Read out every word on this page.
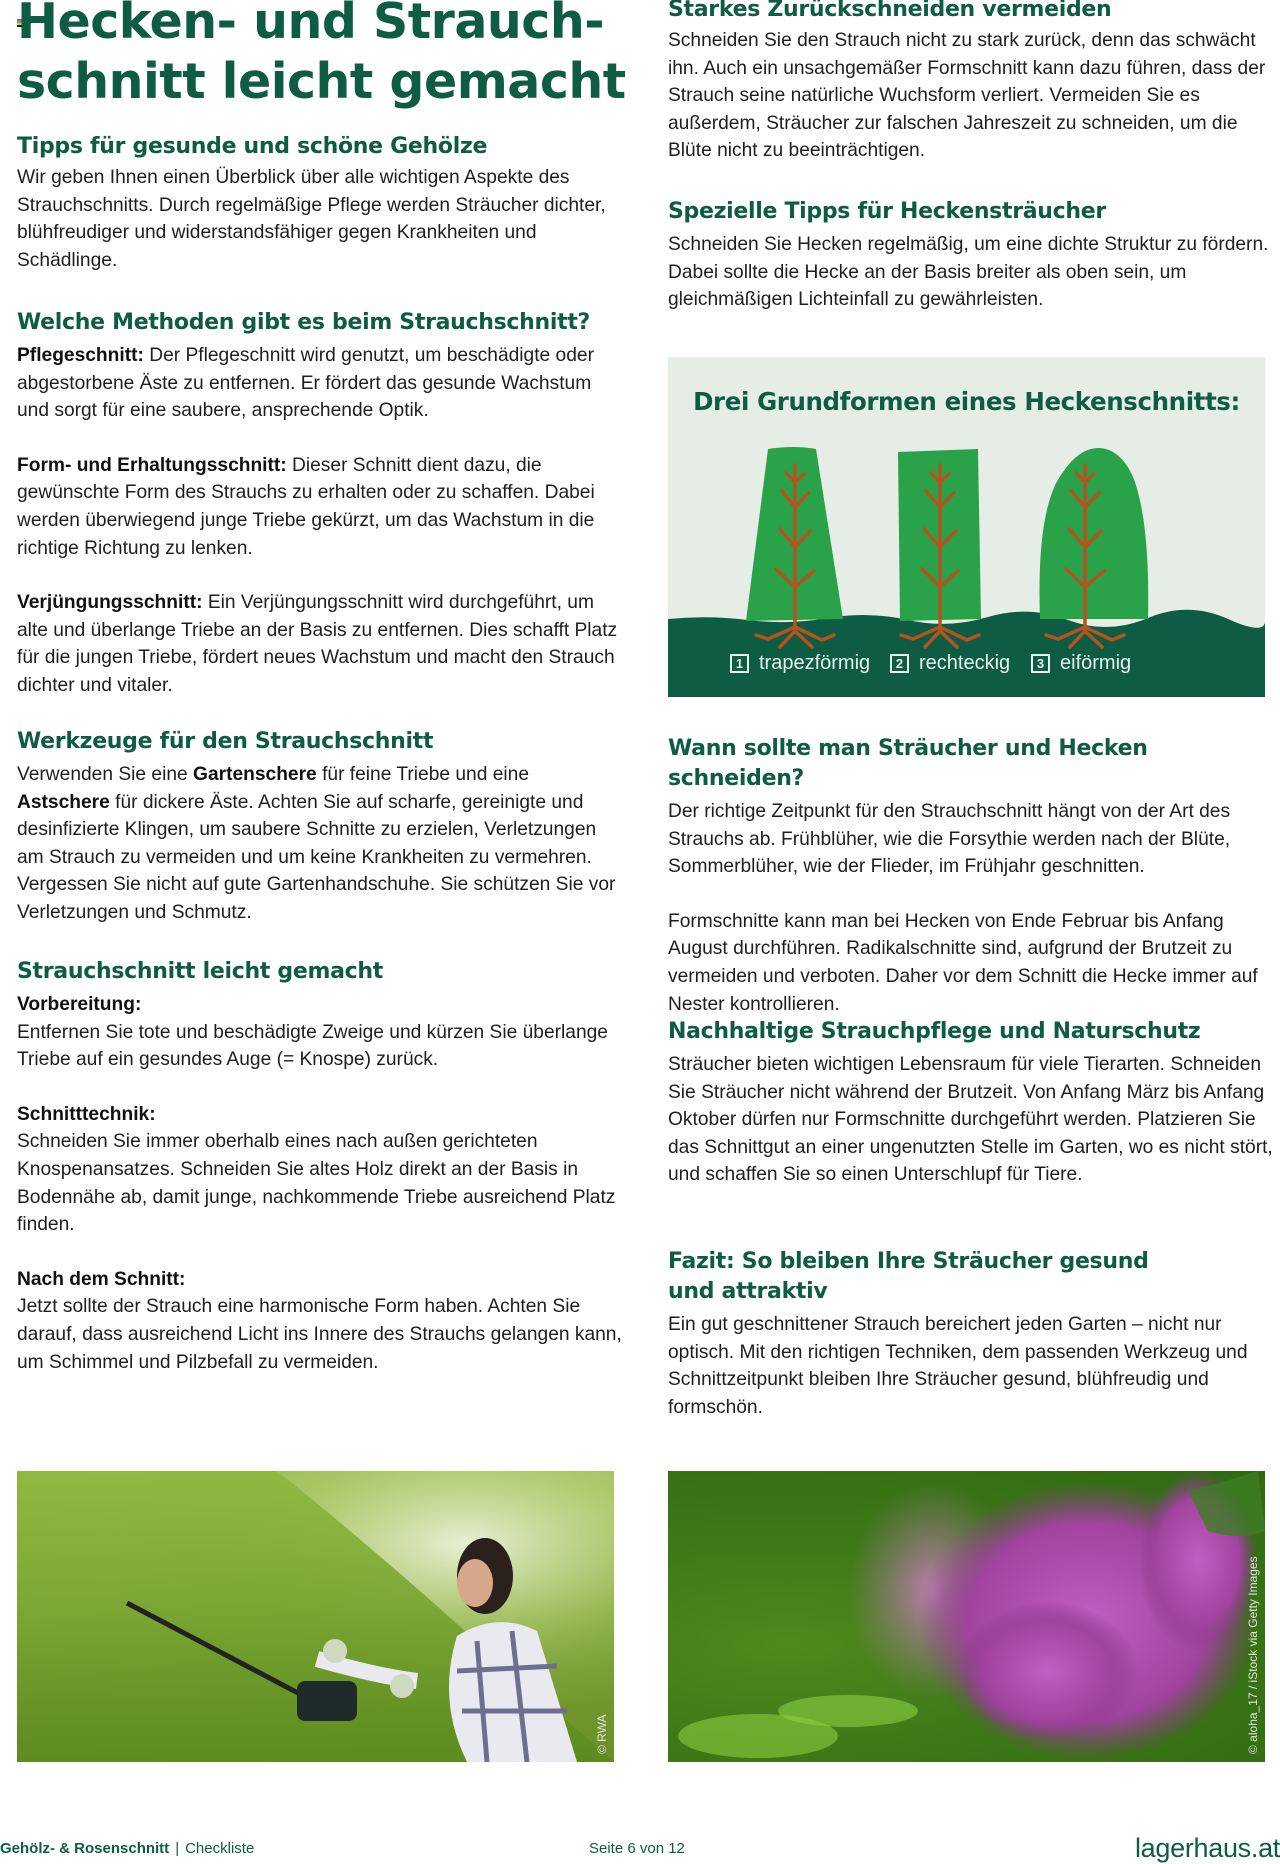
Hecken- und Strauch-
schnitt leicht gemacht
Tipps für gesunde und schöne Gehölze

Wir geben Ihnen einen Überblick über alle wichtigen Aspekte des Strauchschnitts. Durch regelmäßige Pflege werden Sträucher dichter, blühfreudiger und widerstandsfähiger gegen Krankheiten und Schädlinge.

Welche Methoden gibt es beim Strauchschnitt?

Pflegeschnitt: Der Pflegeschnitt wird genutzt, um beschädigte oder abgestorbene Äste zu entfernen. Er fördert das gesunde Wachstum und sorgt für eine saubere, ansprechende Optik.

Form- und Erhaltungsschnitt: Dieser Schnitt dient dazu, die gewünschte Form des Strauchs zu erhalten oder zu schaffen. Dabei werden überwiegend junge Triebe gekürzt, um das Wachstum in die richtige Richtung zu lenken.

Verjüngungsschnitt: Ein Verjüngungsschnitt wird durchgeführt, um alte und überlange Triebe an der Basis zu entfernen. Dies schafft Platz für die jungen Triebe, fördert neues Wachstum und macht den Strauch dichter und vitaler.

Werkzeuge für den Strauchschnitt

Verwenden Sie eine Gartenschere für feine Triebe und eine Astschere für dickere Äste. Achten Sie auf scharfe, gereinigte und desinfizierte Klingen, um saubere Schnitte zu erzielen, Verletzungen am Strauch zu vermeiden und um keine Krankheiten zu vermehren. Vergessen Sie nicht auf gute Gartenhandschuhe. Sie schützen Sie vor Verletzungen und Schmutz.

Strauchschnitt leicht gemacht

Vorbereitung:

Entfernen Sie tote und beschädigte Zweige und kürzen Sie überlange Triebe auf ein gesundes Auge (= Knospe) zurück.

Schnitttechnik:

Schneiden Sie immer oberhalb eines nach außen gerichteten Knospenansatzes. Schneiden Sie altes Holz direkt an der Basis in Bodennähe ab, damit junge, nachkommende Triebe ausreichend Platz finden.

Nach dem Schnitt:

Jetzt sollte der Strauch eine harmonische Form haben. Achten Sie darauf, dass ausreichend Licht ins Innere des Strauchs gelangen kann, um Schimmel und Pilzbefall zu vermeiden.

Starkes Zurückschneiden vermeiden

Schneiden Sie den Strauch nicht zu stark zurück, denn das schwächt ihn. Auch ein unsachgemäßer Formschnitt kann dazu führen, dass der Strauch seine natürliche Wuchsform verliert. Vermeiden Sie es außerdem, Sträucher zur falschen Jahreszeit zu schneiden, um die Blüte nicht zu beeinträchtigen.

Spezielle Tipps für Heckensträucher

Schneiden Sie Hecken regelmäßig, um eine dichte Struktur zu fördern. Dabei sollte die Hecke an der Basis breiter als oben sein, um gleichmäßigen Lichteinfall zu gewährleisten.

Wann sollte man Sträucher und Hecken schneiden?

Der richtige Zeitpunkt für den Strauchschnitt hängt von der Art des Strauchs ab. Frühblüher, wie die Forsythie werden nach der Blüte, Sommerblüher, wie der Flieder, im Frühjahr geschnitten.

Formschnitte kann man bei Hecken von Ende Februar bis Anfang August durchführen. Radikalschnitte sind, aufgrund der Brutzeit zu vermeiden und verboten. Daher vor dem Schnitt die Hecke immer auf Nester kontrollieren.

Nachhaltige Strauchpflege und Naturschutz

Sträucher bieten wichtigen Lebensraum für viele Tierarten. Schneiden Sie Sträucher nicht während der Brutzeit. Von Anfang März bis Anfang Oktober dürfen nur Formschnitte durchgeführt werden. Platzieren Sie das Schnittgut an einer ungenutzten Stelle im Garten, wo es nicht stört, und schaffen Sie so einen Unterschlupf für Tiere.

Fazit: So bleiben Ihre Sträucher gesund
und attraktiv

Ein gut geschnittener Strauch bereichert jeden Garten – nicht nur optisch. Mit den richtigen Techniken, dem passenden Werkzeug und Schnittzeitpunkt bleiben Ihre Sträucher gesund, blühfreudig und formschön.

Drei Grundformen eines Heckenschnitts:
1 trapezförmig	2 rechteckig	3 eiförmig
© RWA	© aloha_17 / iStock via Getty Images
Gehölz- & Rosenschnitt | Checkliste	Seite 6 von 12	lagerhaus.at
